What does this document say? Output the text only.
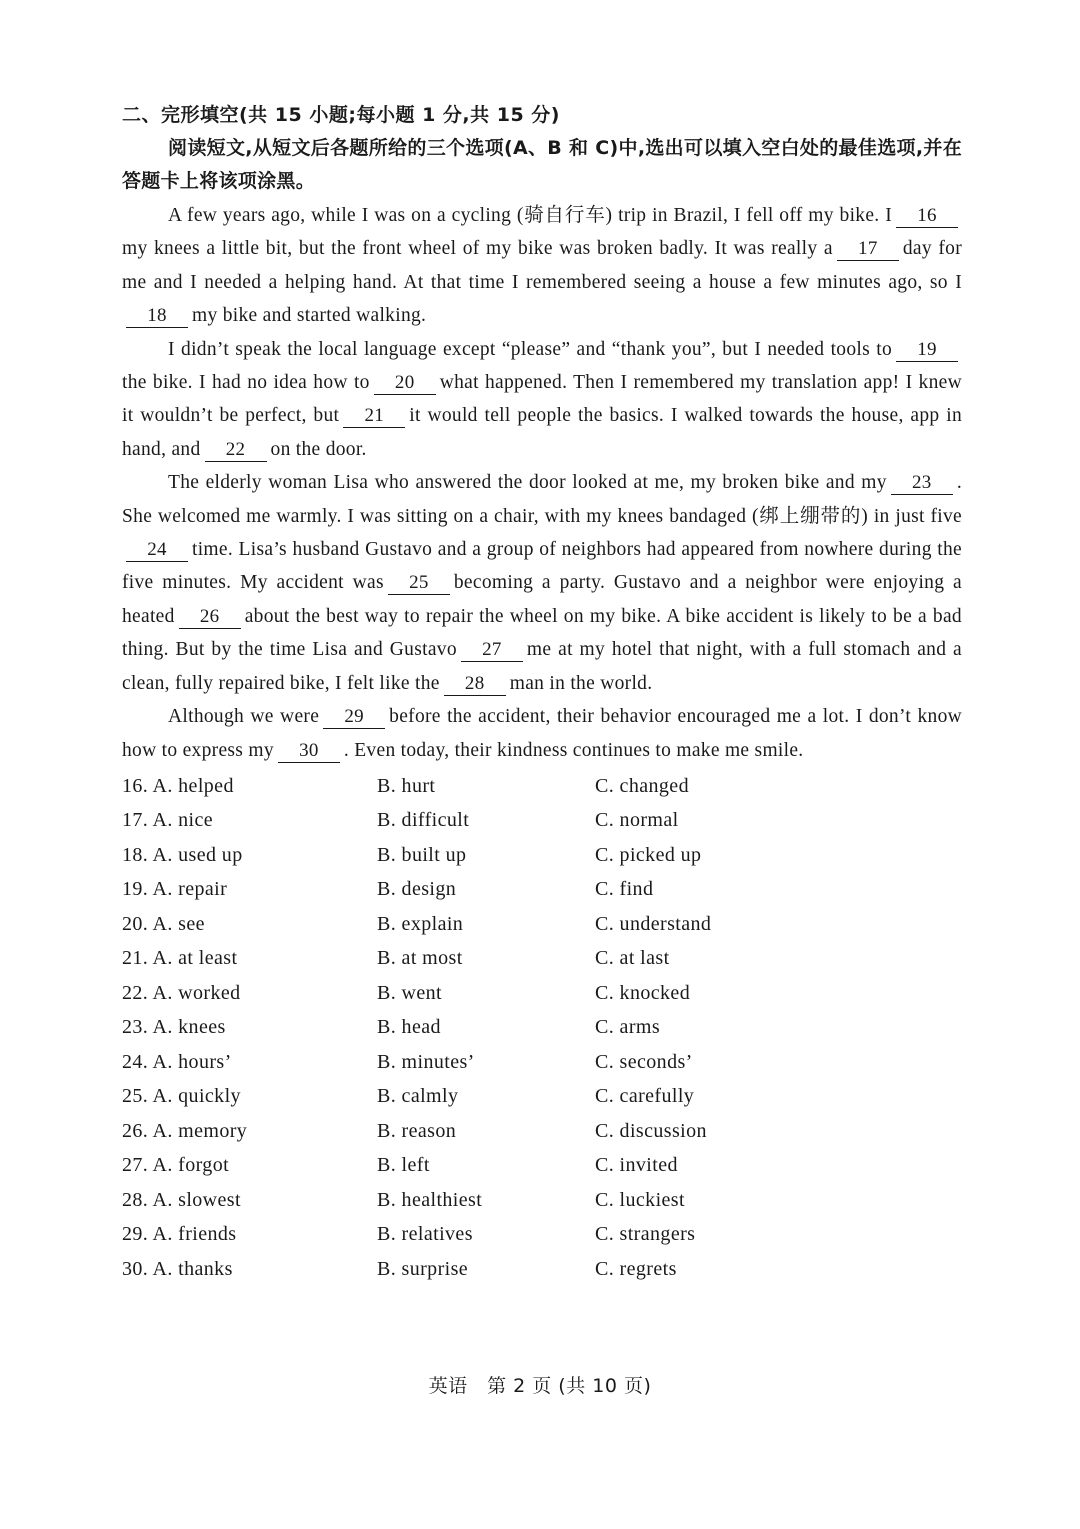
二、完形填空(共 15 小题;每小题 1 分,共 15 分)

阅读短文,从短文后各题所给的三个选项(A、B 和 C)中,选出可以填入空白处的最佳选项,并在答题卡上将该项涂黑。

A few years ago, while I was on a cycling (骑自行车) trip in Brazil, I fell off my bike. I 16my knees a little bit, but the front wheel of my bike was broken badly. It was really a 17 day for me and I needed a helping hand. At that time I remembered seeing a house a few minutes ago, so I18 my bike and started walking.

I didn’t speak the local language except “please” and “thank you”, but I needed tools to 19the bike. I had no idea how to 20 what happened. Then I remembered my translation app! I knew it wouldn’t be perfect, but 21 it would tell people the basics. I walked towards the house, app in hand, and 22 on the door.

The elderly woman Lisa who answered the door looked at me, my broken bike and my 23 . She welcomed me warmly. I was sitting on a chair, with my knees bandaged (绑上绷带的) in just five24 time. Lisa’s husband Gustavo and a group of neighbors had appeared from nowhere during the five minutes. My accident was 25 becoming a party. Gustavo and a neighbor were enjoying a heated 26 about the best way to repair the wheel on my bike. A bike accident is likely to be a bad thing. But by the time Lisa and Gustavo 27 me at my hotel that night, with a full stomach and a clean, fully repaired bike, I felt like the 28 man in the world.

Although we were 29 before the accident, their behavior encouraged me a lot. I don’t know how to express my 30 . Even today, their kindness continues to make me smile.

16. A. helped	B. hurt	C. changed
17. A. nice	B. difficult	C. normal
18. A. used up	B. built up	C. picked up
19. A. repair	B. design	C. find
20. A. see	B. explain	C. understand
21. A. at least	B. at most	C. at last
22. A. worked	B. went	C. knocked
23. A. knees	B. head	C. arms
24. A. hours’	B. minutes’	C. seconds’
25. A. quickly	B. calmly	C. carefully
26. A. memory	B. reason	C. discussion
27. A. forgot	B. left	C. invited
28. A. slowest	B. healthiest	C. luckiest
29. A. friends	B. relatives	C. strangers
30. A. thanks	B. surprise	C. regrets
英语　第 2 页 (共 10 页)
